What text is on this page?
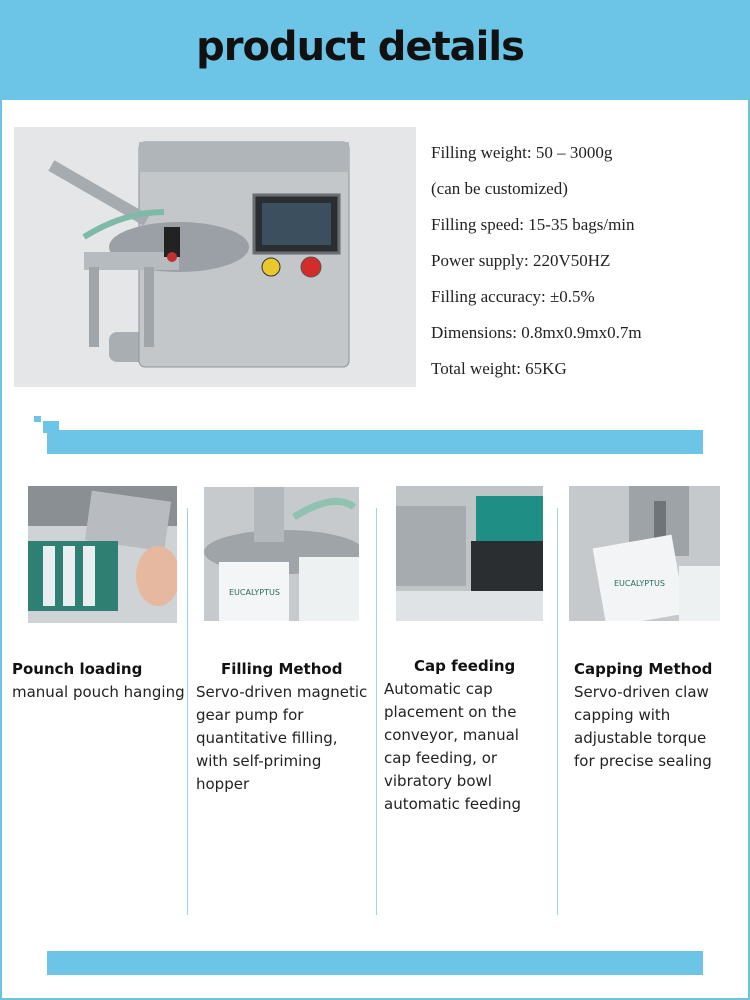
product details
Filling weight: 50 – 3000g
(can be customized)
Filling speed: 15-35 bags/min
Power supply: 220V50HZ
Filling accuracy: ±0.5%
Dimensions: 0.8mx0.9mx0.7m
Total weight: 65KG
EUCALYPTUS
EUCALYPTUS
Pounch loading
manual pouch hanging
Filling Method
Servo-driven magnetic
gear pump for
quantitative filling,
with self-priming
hopper
Cap feeding
Automatic cap
placement on the
conveyor, manual
cap feeding, or
vibratory bowl
automatic feeding
Capping Method
Servo-driven claw
capping with
adjustable torque
for precise sealing
